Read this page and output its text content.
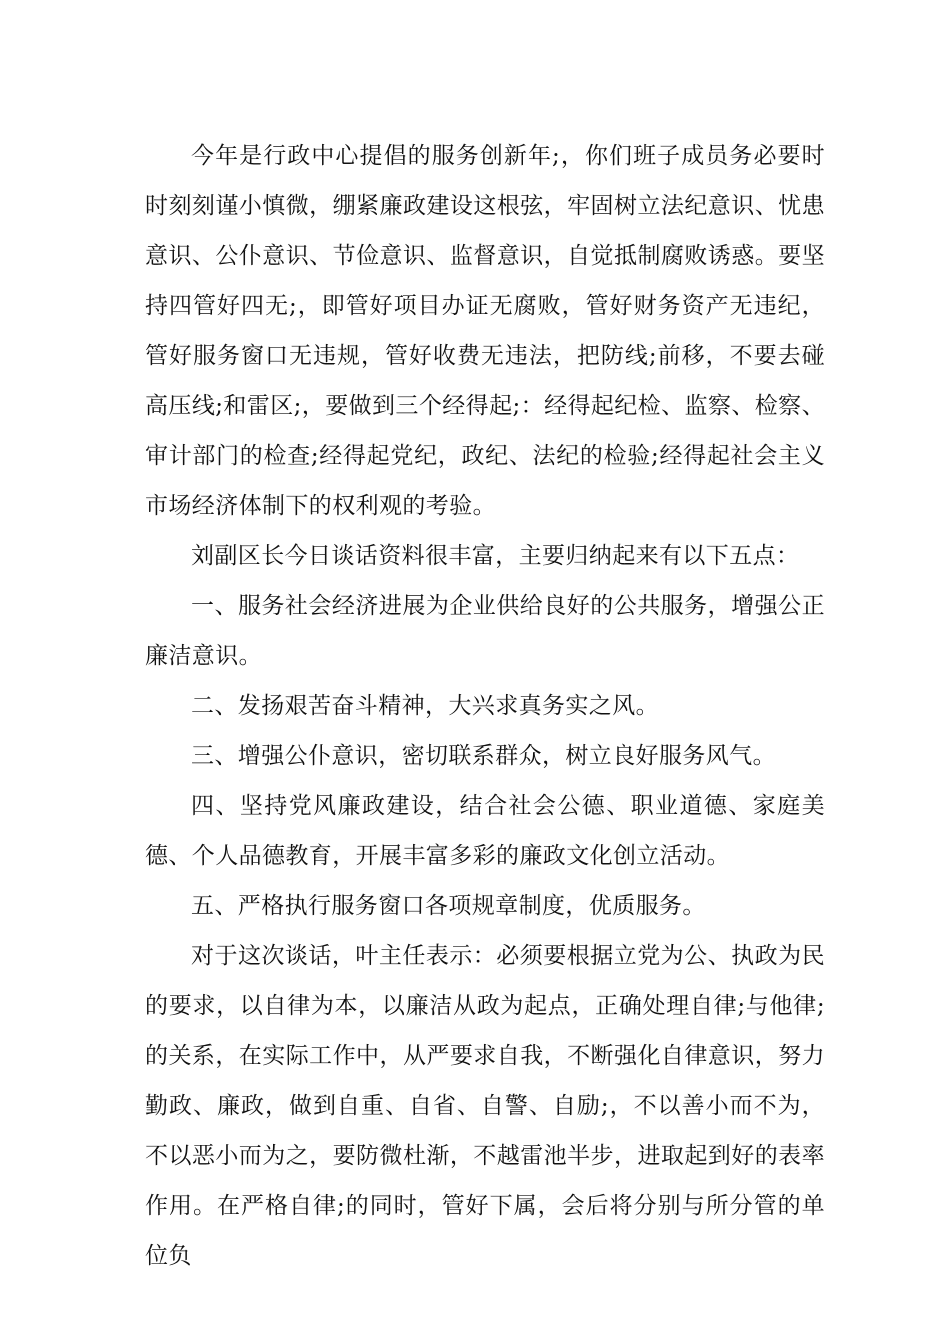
今年是行政中心提倡的服务创新年;，你们班子成员务必要时时刻刻谨小慎微，绷紧廉政建设这根弦，牢固树立法纪意识、忧患意识、公仆意识、节俭意识、监督意识，自觉抵制腐败诱惑。要坚持四管好四无;，即管好项目办证无腐败，管好财务资产无违纪，管好服务窗口无违规，管好收费无违法，把防线;前移，不要去碰高压线;和雷区;，要做到三个经得起;：经得起纪检、监察、检察、审计部门的检查;经得起党纪，政纪、法纪的检验;经得起社会主义市场经济体制下的权利观的考验。

刘副区长今日谈话资料很丰富，主要归纳起来有以下五点：

一、服务社会经济进展为企业供给良好的公共服务，增强公正廉洁意识。

二、发扬艰苦奋斗精神，大兴求真务实之风。

三、增强公仆意识，密切联系群众，树立良好服务风气。

四、坚持党风廉政建设，结合社会公德、职业道德、家庭美德、个人品德教育，开展丰富多彩的廉政文化创立活动。

五、严格执行服务窗口各项规章制度，优质服务。

对于这次谈话，叶主任表示：必须要根据立党为公、执政为民的要求，以自律为本，以廉洁从政为起点，正确处理自律;与他律;的关系，在实际工作中，从严要求自我，不断强化自律意识，努力勤政、廉政，做到自重、自省、自警、自励;，不以善小而不为，不以恶小而为之，要防微杜渐，不越雷池半步，进取起到好的表率作用。在严格自律;的同时，管好下属，会后将分别与所分管的单位负
